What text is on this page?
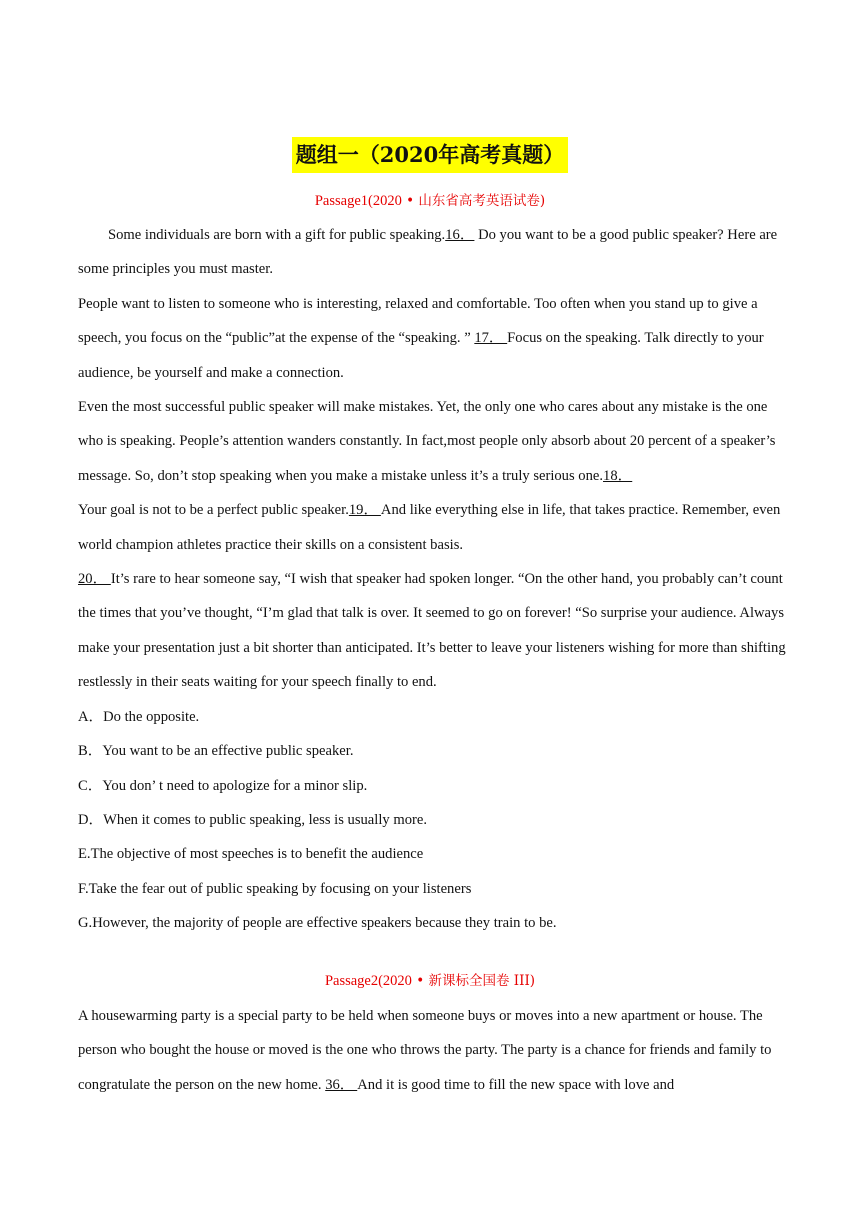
题组一（2020年高考真题）
Passage1(2020 • 山东省高考英语试卷)

Some individuals are born with a gift for public speaking.16． Do you want to be a good public speaker? Here are some principles you must master.

People want to listen to someone who is interesting, relaxed and comfortable. Too often when you stand up to give a speech, you focus on the “public”at the expense of the “speaking. ” 17． Focus on the speaking. Talk directly to your audience, be yourself and make a connection.

Even the most successful public speaker will make mistakes. Yet, the only one who cares about any mistake is the one who is speaking. People’s attention wanders constantly. In fact,most people only absorb about 20 percent of a speaker’s message. So, don’t stop speaking when you make a mistake unless it’s a truly serious one.18．

Your goal is not to be a perfect public speaker.19． And like everything else in life, that takes practice. Remember, even world champion athletes practice their skills on a consistent basis.

20． It’s rare to hear someone say, “I wish that speaker had spoken longer. “On the other hand, you probably can’t count the times that you’ve thought, “I’m glad that talk is over. It seemed to go on forever! “So surprise your audience. Always make your presentation just a bit shorter than anticipated. It’s better to leave your listeners wishing for more than shifting restlessly in their seats waiting for your speech finally to end.

A．Do the opposite.

B．You want to be an effective public speaker.

C．You don’ t need to apologize for a minor slip.

D．When it comes to public speaking, less is usually more.

E.The objective of most speeches is to benefit the audience

F.Take the fear out of public speaking by focusing on your listeners

G.However, the majority of people are effective speakers because they train to be.

Passage2(2020 • 新课标全国卷 III)

A housewarming party is a special party to be held when someone buys or moves into a new apartment or house. The person who bought the house or moved is the one who throws the party. The party is a chance for friends and family to congratulate the person on the new home. 36． And it is good time to fill the new space with love and
